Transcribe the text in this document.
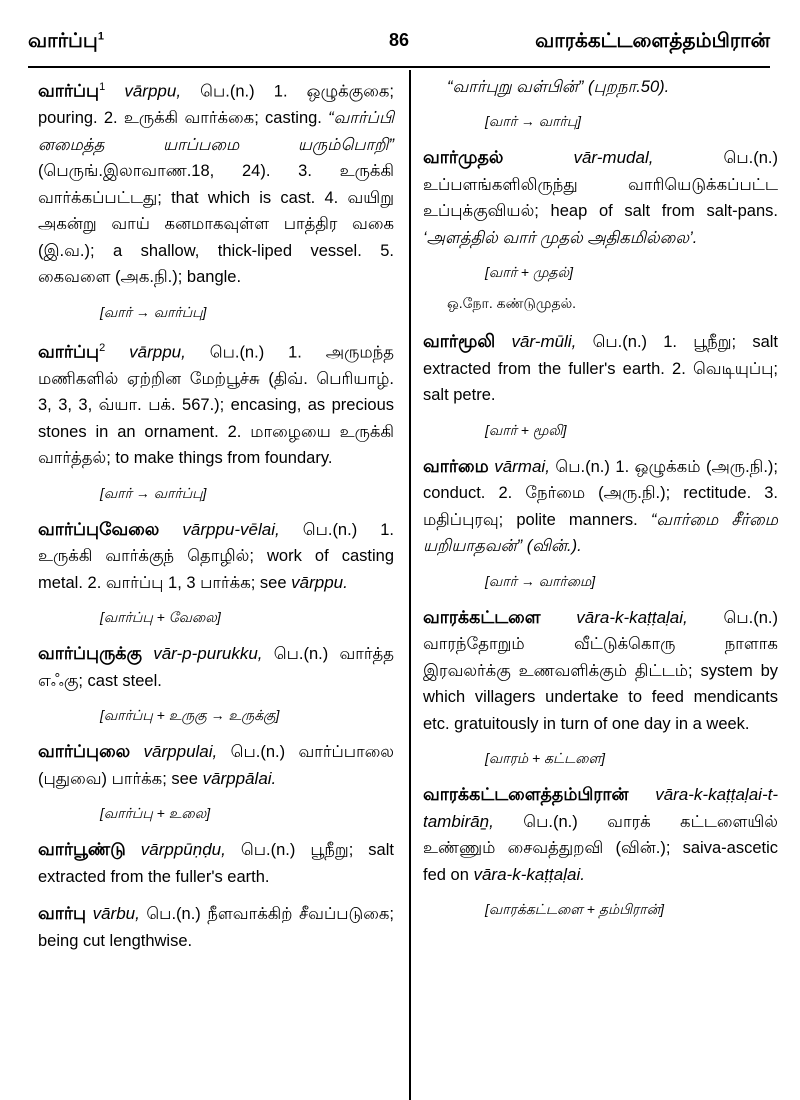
வார்ப்பு$^1$	86	வாரக்கட்டளைத்தம்பிரான்
வார்ப்பு$^1$ vārppu, பெ.(n.) 1. ஒழுக்குகை; pouring. 2. உருக்கி வார்க்கை; casting. “வார்ப்பி னமைத்த யாப்பமை யரும்பொறி” (பெருங்.இலாவாண.18, 24). 3. உருக்கி வார்க்கப்பட்டது; that which is cast. 4. வயிறு அகன்று வாய் கனமாகவுள்ள பாத்திர வகை (இ.வ.); a shallow, thick-liped vessel. 5. கைவளை (அக.நி.); bangle.
[வார் → வார்ப்பு]
வார்ப்பு$^2$ vārppu, பெ.(n.) 1. அருமந்த மணிகளில் ஏற்றின மேற்பூச்சு (திவ். பெரியாழ். 3, 3, 3, வ்யா. பக். 567.); encasing, as precious stones in an ornament. 2. மாழையை உருக்கி வார்த்தல்; to make things from foundary.
[வார் → வார்ப்பு]
வார்ப்புவேலை vārppu-vēlai, பெ.(n.) 1. உருக்கி வார்க்குந் தொழில்; work of casting metal. 2. வார்ப்பு 1, 3 பார்க்க; see vārppu.
[வார்ப்பு + வேலை]
வார்ப்புருக்கு vār-p-purukku, பெ.(n.) வார்த்த எஃகு; cast steel.
[வார்ப்பு + உருகு → உருக்கு]
வார்ப்புலை vārppulai, பெ.(n.) வார்ப்பாலை (புதுவை) பார்க்க; see vārppālai.
[வார்ப்பு + உலை]
வார்பூண்டு vārppūṇḍu, பெ.(n.) பூநீறு; salt extracted from the fuller's earth.
வார்பு vārbu, பெ.(n.) நீளவாக்கிற் சீவப்படுகை; being cut lengthwise.
“வார்புறு வள்பின்” (புறநா.50).
[வார் → வார்பு]
வார்முதல்	vār-mudal,	பெ.(n.) உப்பளங்களிலிருந்து வாரியெடுக்கப்பட்ட உப்புக்குவியல்; heap of salt from salt-pans. ‘அளத்தில் வார் முதல் அதிகமில்லை’.
[வார் + முதல்]
ஒ.நோ. கண்டுமுதல்.
வார்மூலி vār-mūli, பெ.(n.) 1. பூநீறு; salt extracted from the fuller's earth. 2. வெடியுப்பு; salt petre.
[வார் + மூலி]
வார்மை vārmai, பெ.(n.) 1. ஒழுக்கம் (அரு.நி.); conduct. 2. நேர்மை (அரு.நி.); rectitude. 3. மதிப்புரவு; polite manners. “வார்மை சீர்மை யறியாதவன்” (வின்.).
[வார் → வார்மை]
வாரக்கட்டளை vāra-k-kaṭṭaḷai, பெ.(n.) வாரந்தோறும் வீட்டுக்கொரு நாளாக இரவலர்க்கு உணவளிக்கும் திட்டம்; system by which villagers undertake to feed mendicants etc. gratuitously in turn of one day in a week.
[வாரம் + கட்டளை]
வாரக்கட்டளைத்தம்பிரான் vāra-k-kaṭṭaḷai-t-tambirāṉ, பெ.(n.) வாரக் கட்டளையில் உண்ணும் சைவத்துறவி (வின்.); saiva-ascetic fed on vāra-k-kaṭṭaḷai.
[வாரக்கட்டளை + தம்பிரான்]
